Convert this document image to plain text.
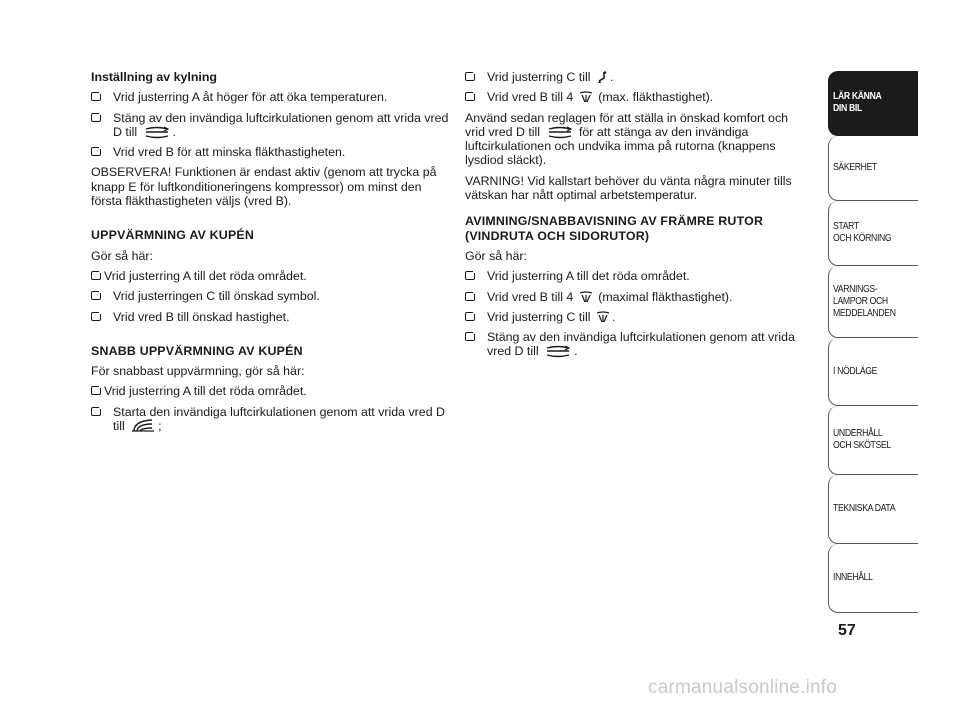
Inställning av kylning

Vrid justerring A åt höger för att öka temperaturen.
Stäng av den invändiga luftcirkulationen genom att vrida vred D till	.
Vrid vred B för att minska fläkthastigheten.

OBSERVERA! Funktionen är endast aktiv (genom att trycka på knapp E för luftkonditioneringens kompressor) om minst den första fläkthastigheten väljs (vred B).

UPPVÄRMNING AV KUPÉN

Gör så här:

Vrid justerring A till det röda området.
Vrid justerringen C till önskad symbol.
Vrid vred B till önskad hastighet.

SNABB UPPVÄRMNING AV KUPÉN

För snabbast uppvärmning, gör så här:

Vrid justerring A till det röda området.
Starta den invändiga luftcirkulationen genom att vrida vred D till	;
Vrid justerring C till .
Vrid vred B till 4 (max. fläkthastighet).

Använd sedan reglagen för att ställa in önskad komfort och vrid vred D till	för att stänga av den invändiga luftcirkulationen och undvika imma på rutorna (knappens lysdiod släckt).

VARNING! Vid kallstart behöver du vänta några minuter tills vätskan har nått optimal arbetstemperatur.

AVIMNING/SNABBAVISNING AV FRÄMRE RUTOR (VINDRUTA OCH SIDORUTOR)

Gör så här:

Vrid justerring A till det röda området.
Vrid vred B till 4 (maximal fläkthastighet).
Vrid justerring C till .
Stäng av den invändiga luftcirkulationen genom att vrida vred D till	.
LÄR KÄNNA
DIN BIL
SÄKERHET
START
OCH KÖRNING
VARNINGS-
LAMPOR OCH
MEDDELANDEN
I NÖDLÄGE
UNDERHÅLL
OCH SKÖTSEL
TEKNISKA DATA
INNEHÅLL
57
carmanualsonline.info
